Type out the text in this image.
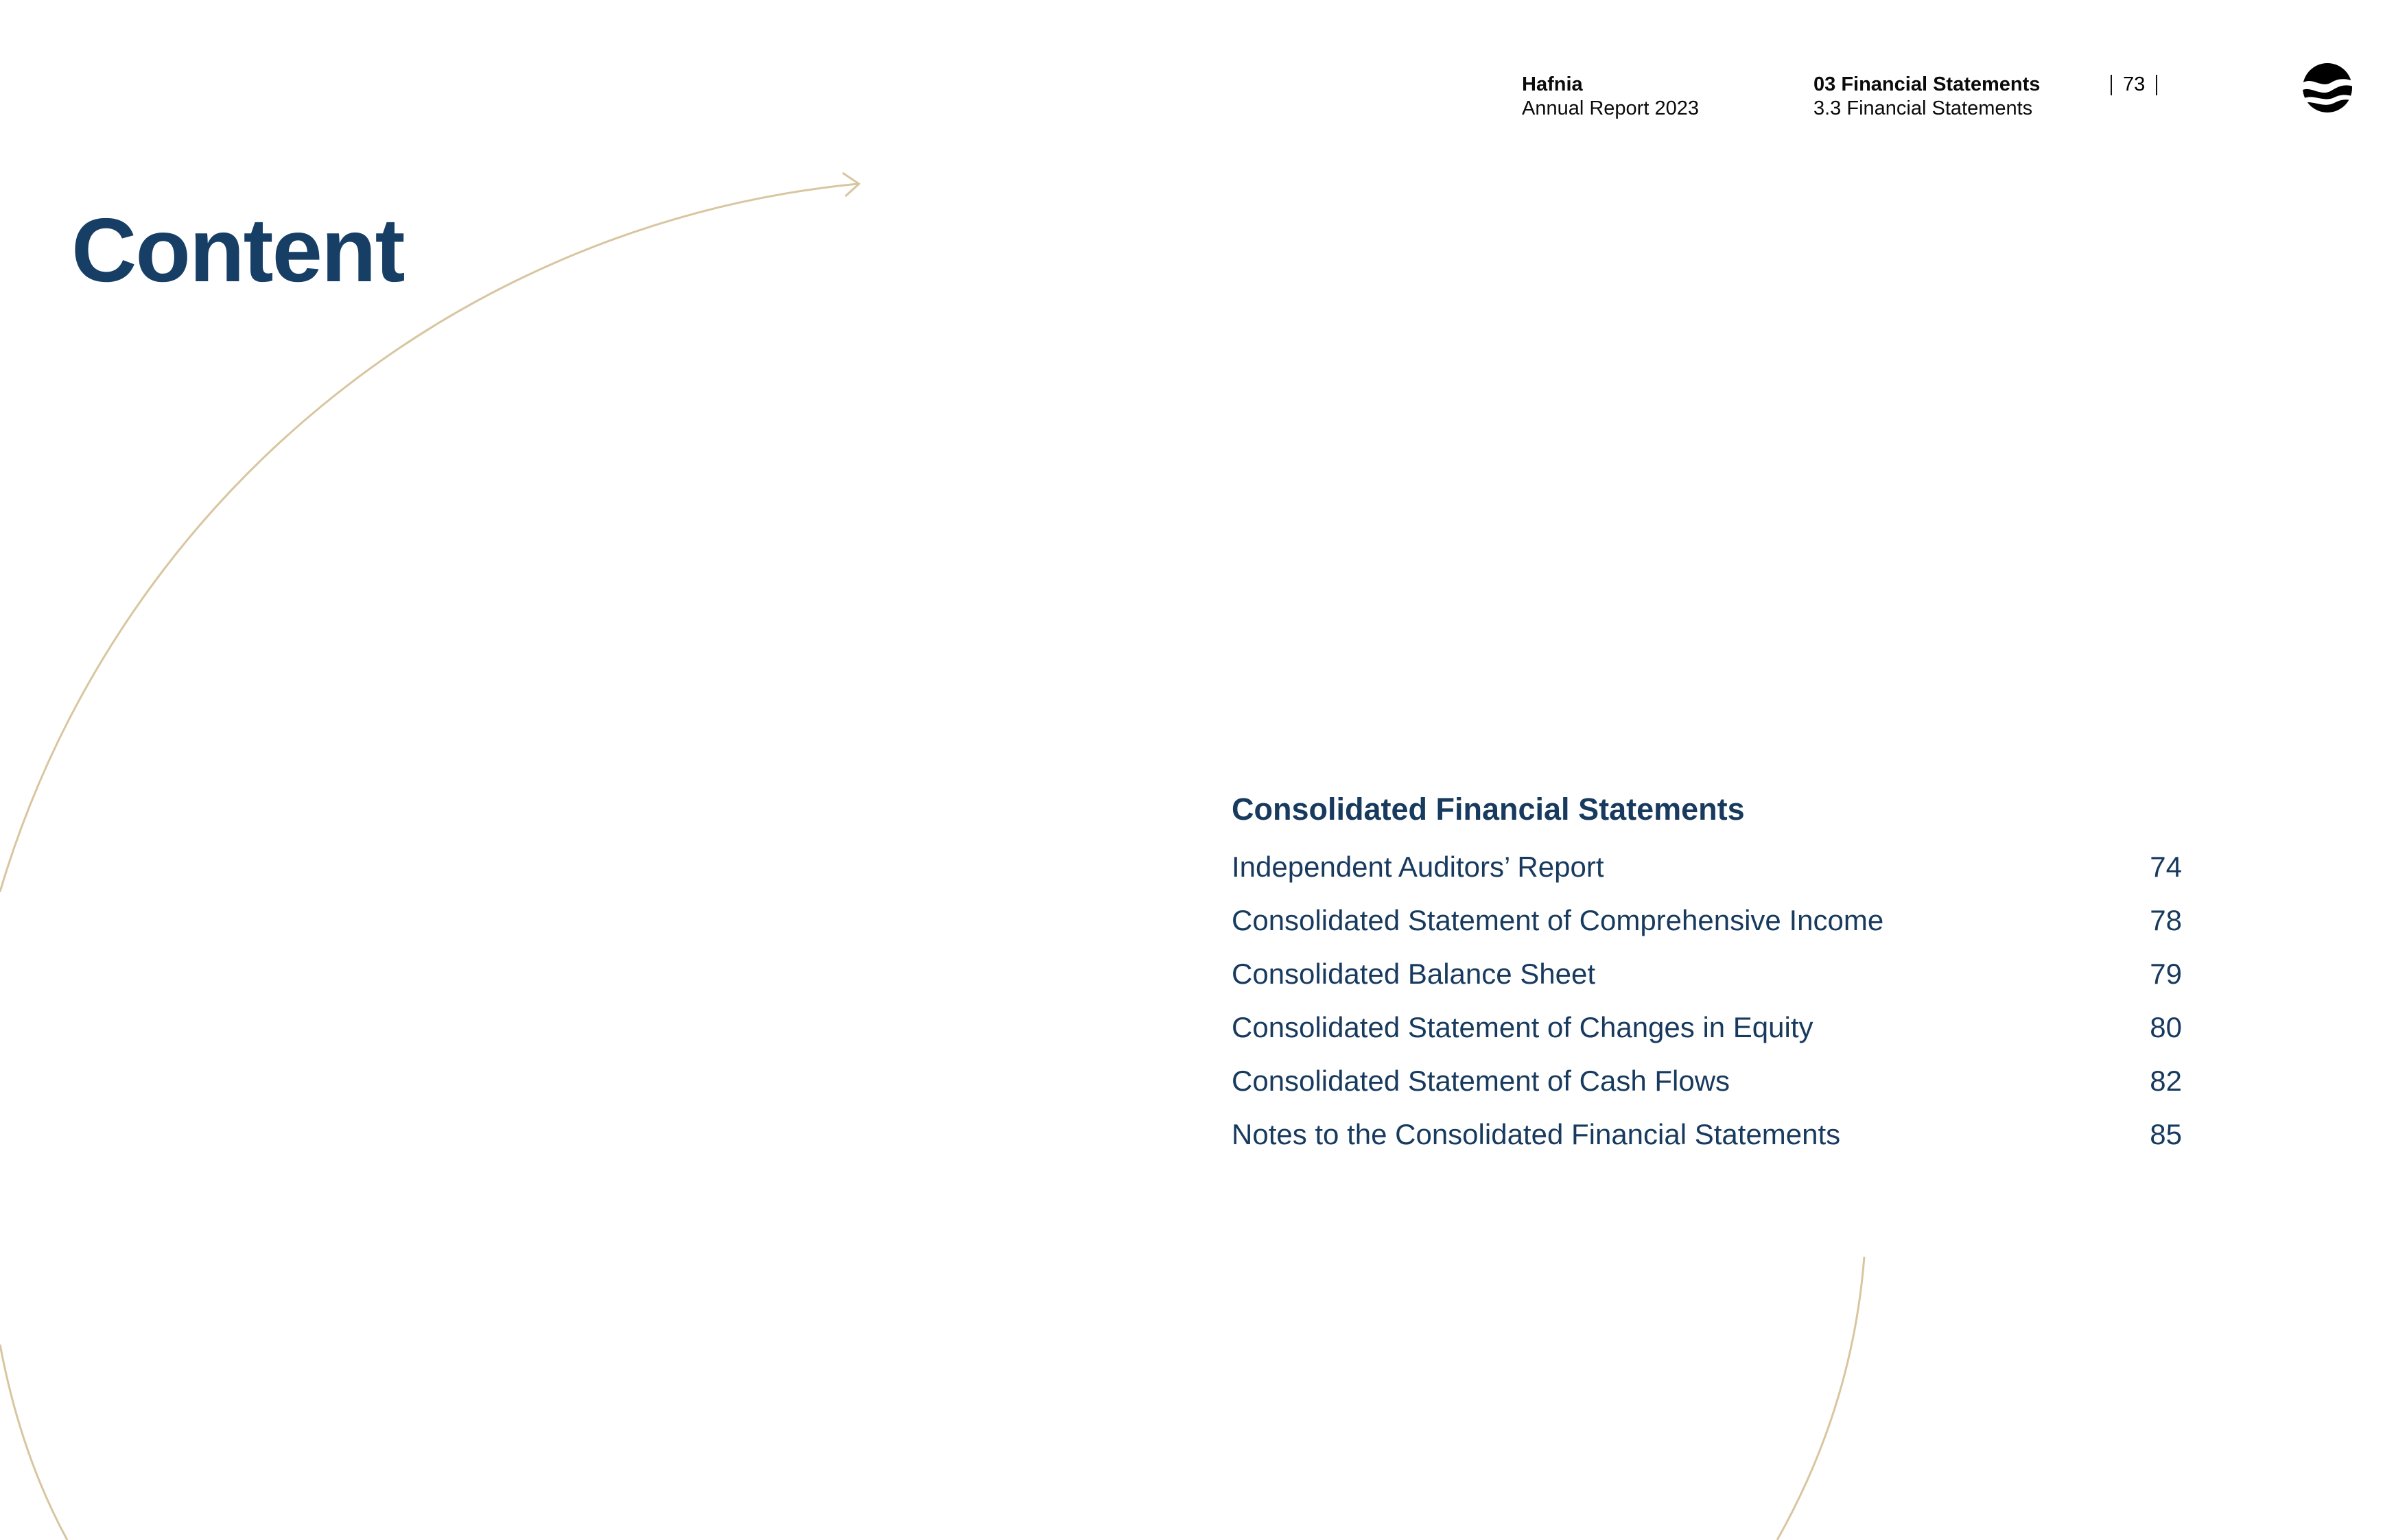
Hafnia
Annual Report 2023
03 Financial Statements
3.3 Financial Statements
73
Content
Consolidated Financial Statements
Independent Auditors’ Report	74
Consolidated Statement of Comprehensive Income	78
Consolidated Balance Sheet	79
Consolidated Statement of Changes in Equity	80
Consolidated Statement of Cash Flows	82
Notes to the Consolidated Financial Statements	85
